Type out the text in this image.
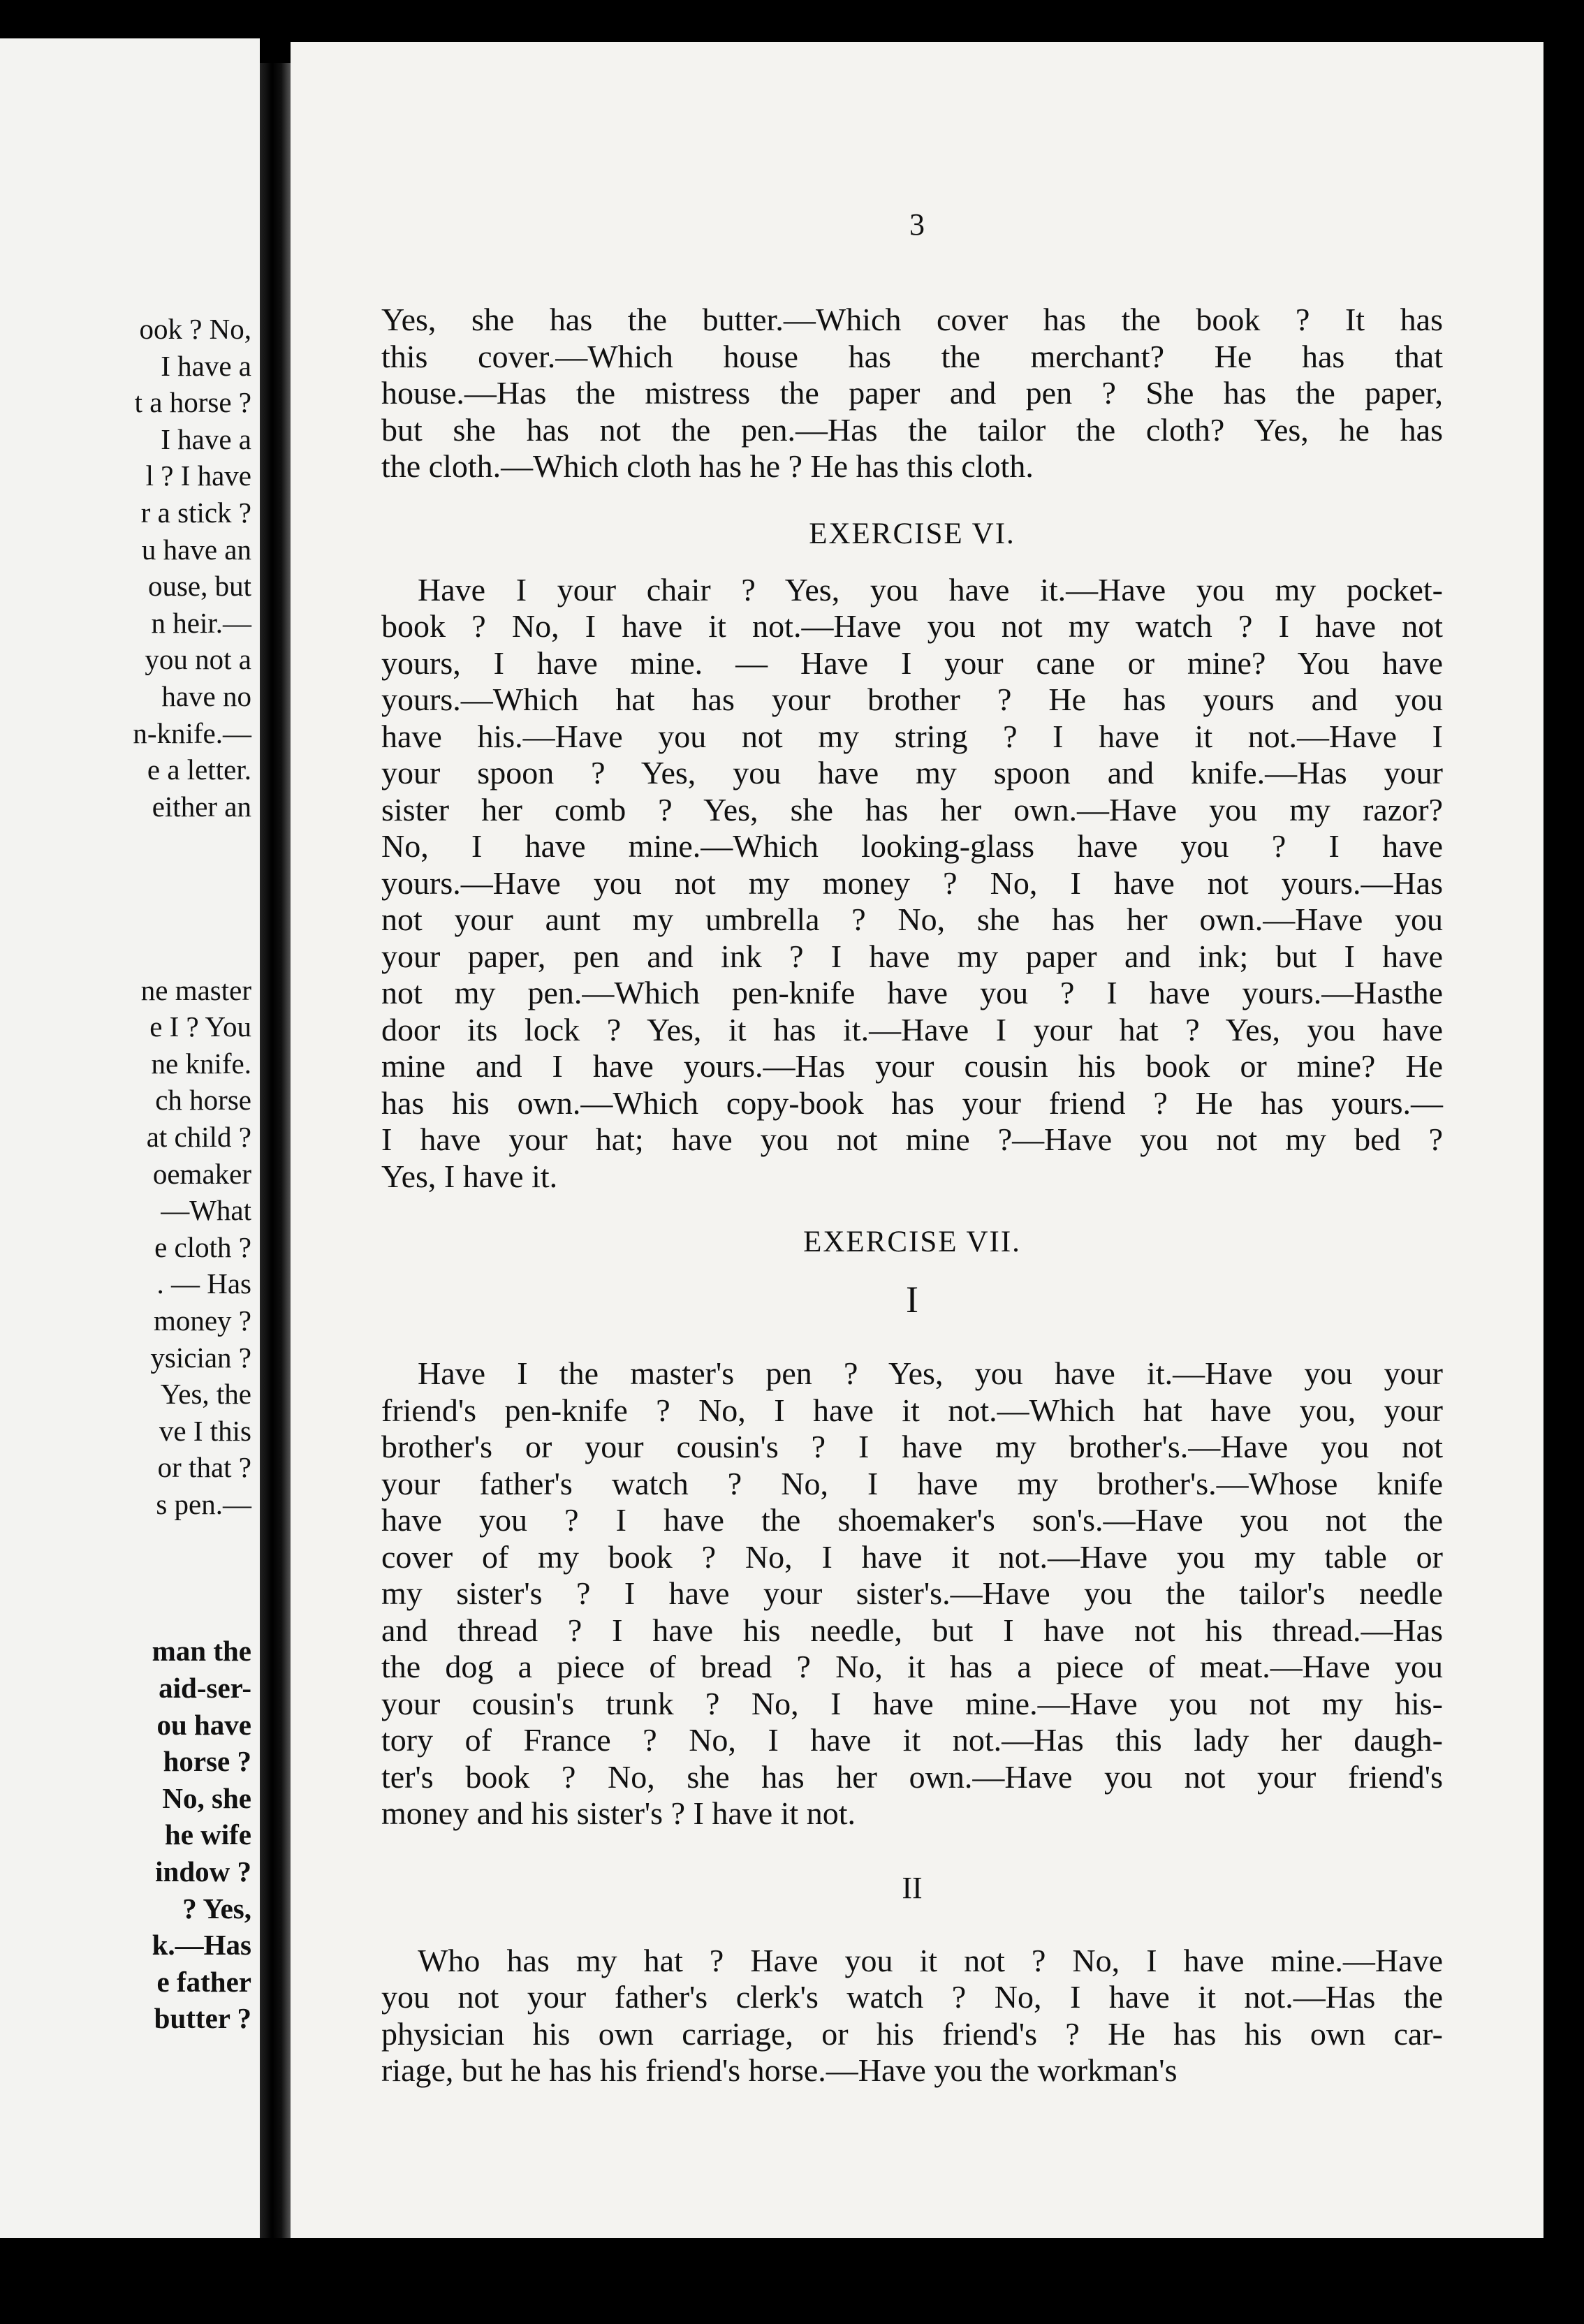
ook ? No,
I have a
t a horse ?
I have a
l ? I have
r a stick ?
u have an
ouse, but
n heir.—
you not a
have no
n-knife.—
e a letter.
either an
ne master
e I ? You
ne knife.
ch horse
at child ?
oemaker
—What
e cloth ?
. — Has
money ?
ysician ?
Yes, the
ve I this
or that ?
s pen.—
man the
aid-ser-
ou have
horse ?
No, she
he wife
indow ?
? Yes,
k.—Has
e father
butter ?
3
Yes, she has the butter.—Which cover has the book ? It has
this cover.—Which house has the merchant? He has that
house.—Has the mistress the paper and pen ? She has the paper,
but she has not the pen.—Has the tailor the cloth? Yes, he has
the cloth.—Which cloth has he ? He has this cloth.
EXERCISE VI.
Have I your chair ? Yes, you have it.—Have you my pocket-
book ? No, I have it not.—Have you not my watch ? I have not
yours, I have mine. — Have I your cane or mine? You have
yours.—Which hat has your brother ? He has yours and you
have his.—Have you not my string ? I have it not.—Have I
your spoon ? Yes, you have my spoon and knife.—Has your
sister her comb ? Yes, she has her own.—Have you my razor?
No, I have mine.—Which looking-glass have you ? I have
yours.—Have you not my money ? No, I have not yours.—Has
not your aunt my umbrella ? No, she has her own.—Have you
your paper, pen and ink ? I have my paper and ink; but I have
not my pen.—Which pen-knife have you ? I have yours.—Hasthe
door its lock ? Yes, it has it.—Have I your hat ? Yes, you have
mine and I have yours.—Has your cousin his book or mine? He
has his own.—Which copy-book has your friend ? He has yours.—
I have your hat; have you not mine ?—Have you not my bed ?
Yes, I have it.
EXERCISE VII.
I
Have I the master's pen ? Yes, you have it.—Have you your
friend's pen-knife ? No, I have it not.—Which hat have you, your
brother's or your cousin's ? I have my brother's.—Have you not
your father's watch ? No, I have my brother's.—Whose knife
have you ? I have the shoemaker's son's.—Have you not the
cover of my book ? No, I have it not.—Have you my table or
my sister's ? I have your sister's.—Have you the tailor's needle
and thread ? I have his needle, but I have not his thread.—Has
the dog a piece of bread ? No, it has a piece of meat.—Have you
your cousin's trunk ? No, I have mine.—Have you not my his-
tory of France ? No, I have it not.—Has this lady her daugh-
ter's book ? No, she has her own.—Have you not your friend's
money and his sister's ? I have it not.
II
Who has my hat ? Have you it not ? No, I have mine.—Have
you not your father's clerk's watch ? No, I have it not.—Has the
physician his own carriage, or his friend's ? He has his own car-
riage, but he has his friend's horse.—Have you the workman's
